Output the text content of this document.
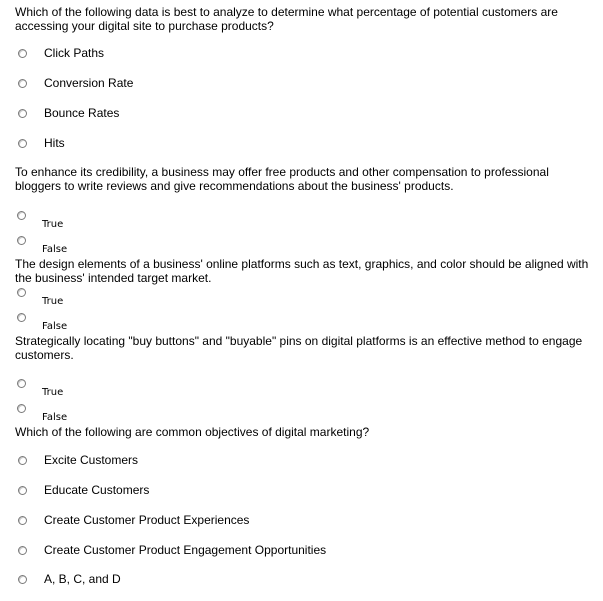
Which of the following data is best to analyze to determine what percentage of potential customers are accessing your digital site to purchase products?
Click Paths
Conversion Rate
Bounce Rates
Hits
To enhance its credibility, a business may offer free products and other compensation to professional bloggers to write reviews and give recommendations about the business' products.
True
False
The design elements of a business' online platforms such as text, graphics, and color should be aligned with the business' intended target market.
True
False
Strategically locating "buy buttons" and "buyable" pins on digital platforms is an effective method to engage customers.
True
False
Which of the following are common objectives of digital marketing?
Excite Customers
Educate Customers
Create Customer Product Experiences
Create Customer Product Engagement Opportunities
A, B, C, and D
